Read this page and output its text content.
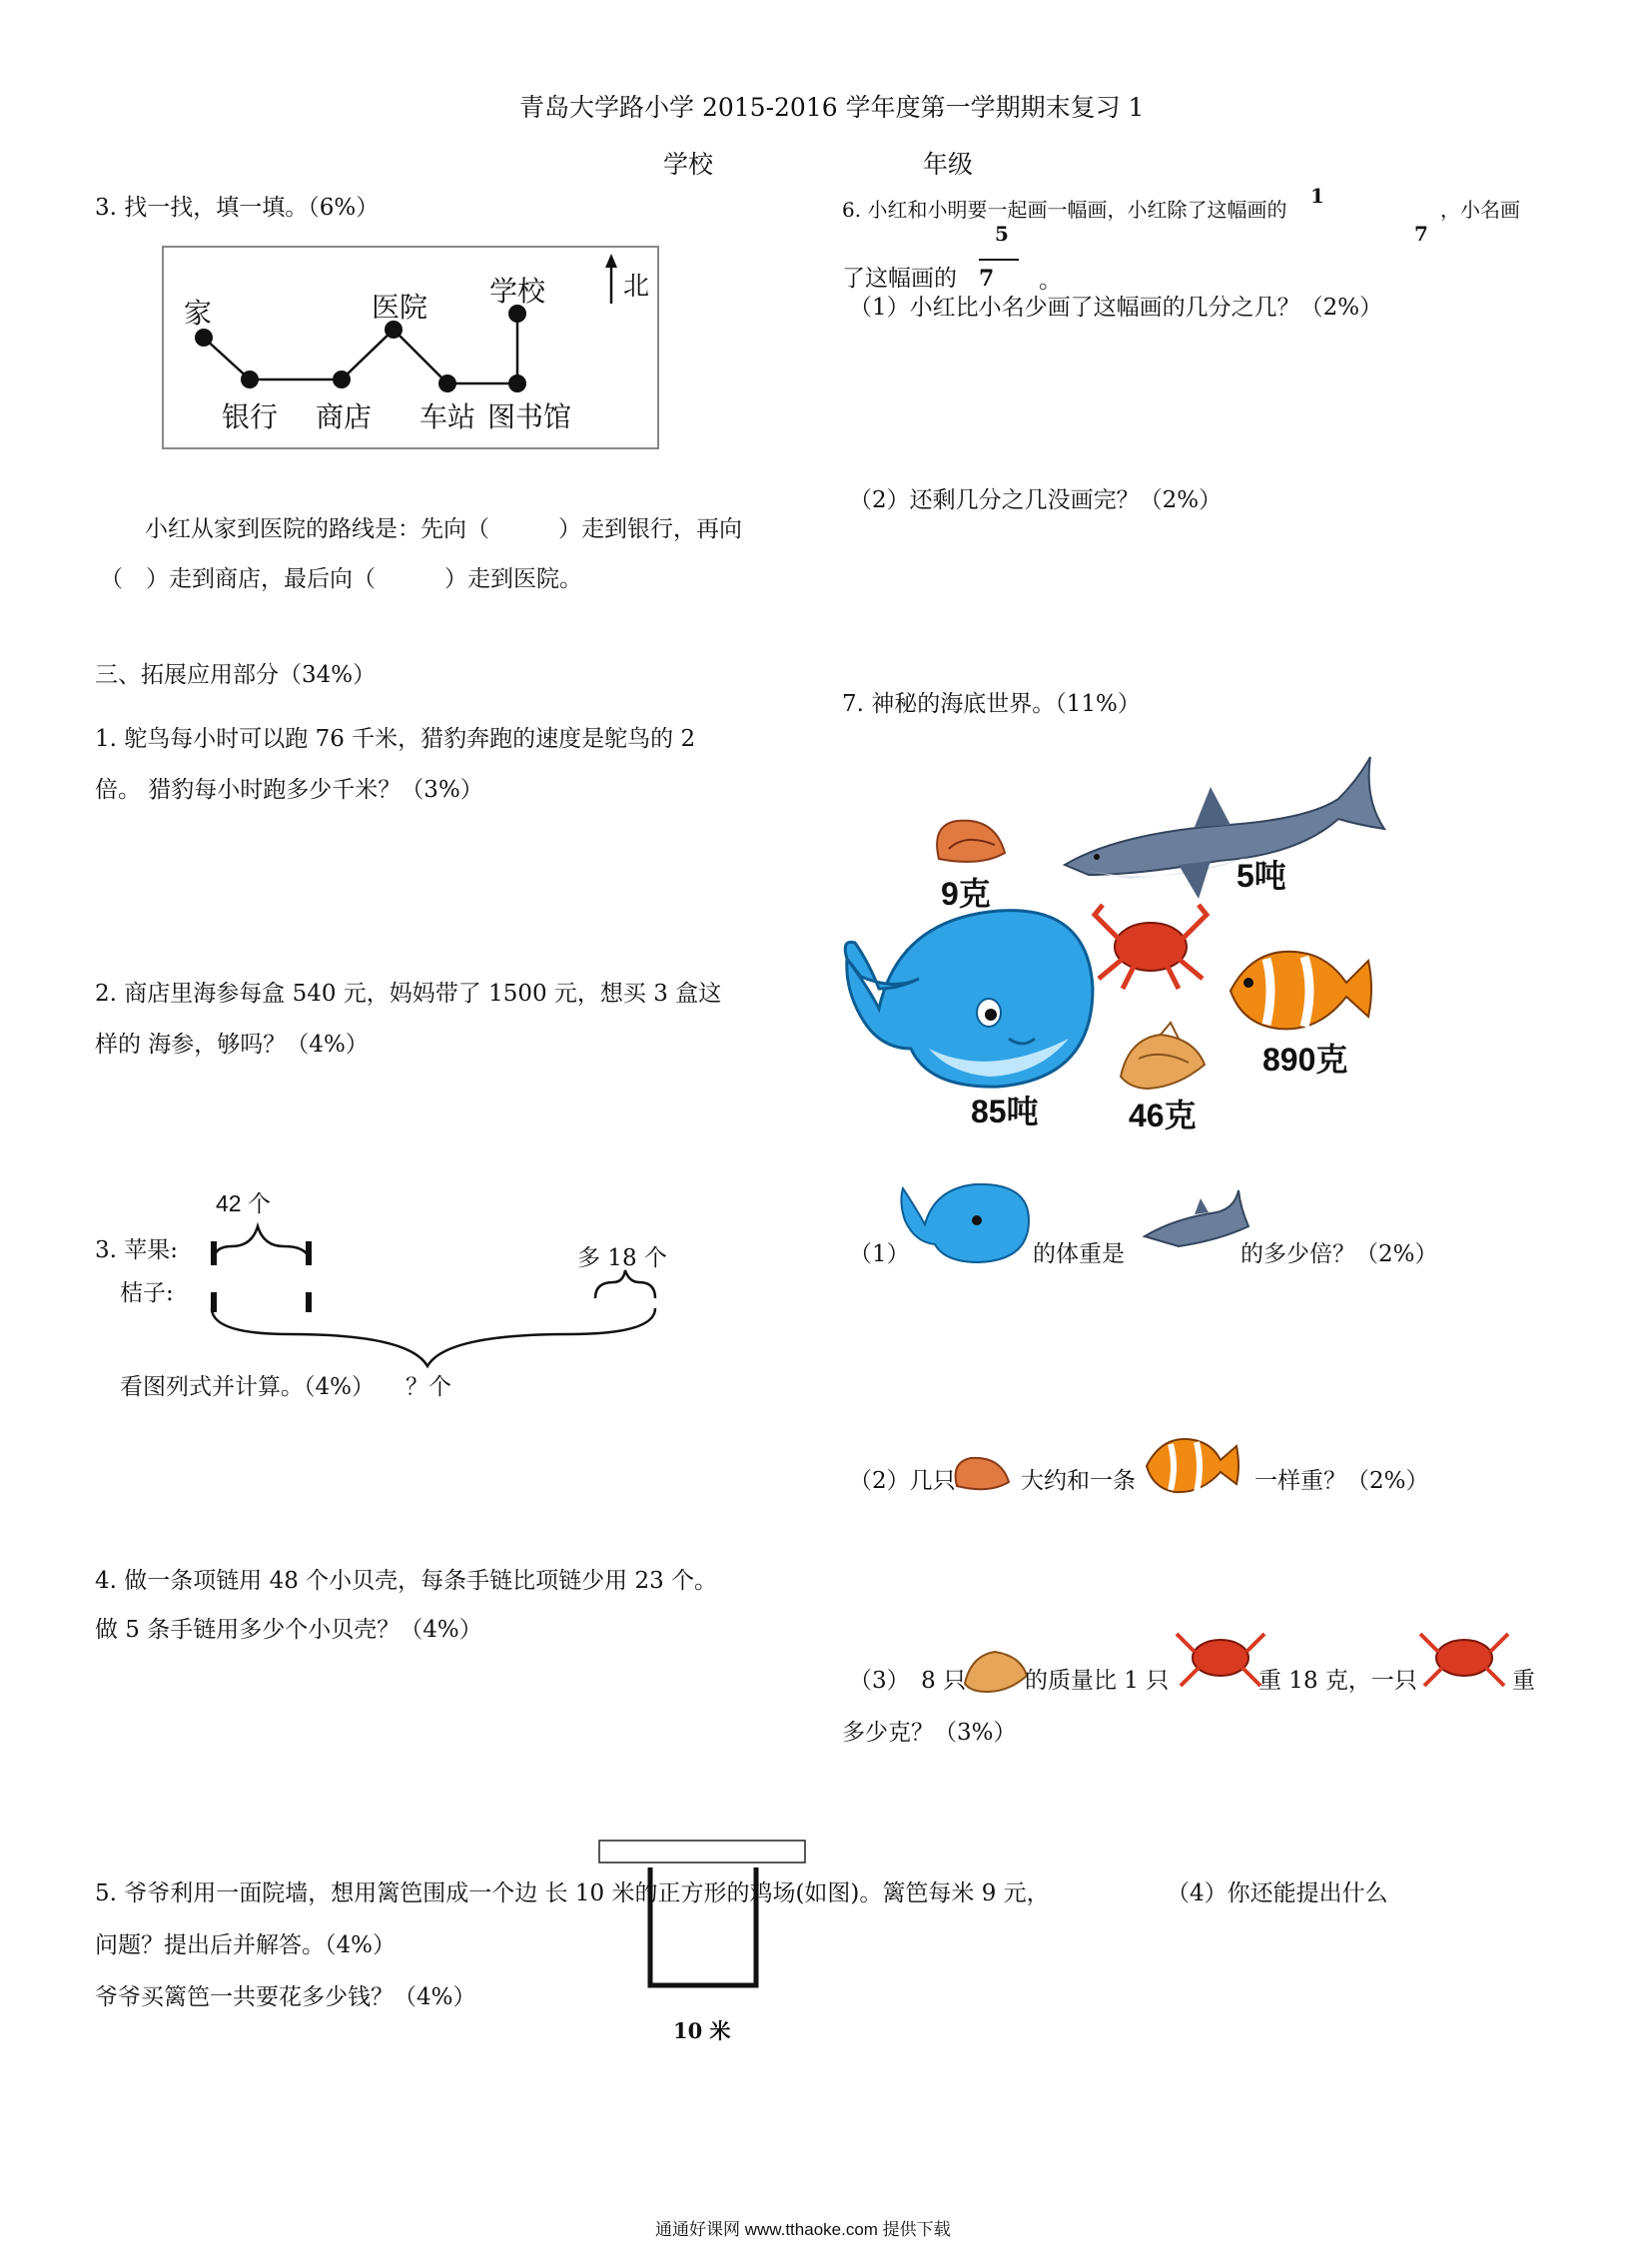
青岛大学路小学 2015-2016 学年度第一学期期末复习 1
学校	年级
3. 找一找，填一填。（6%）
家	医院 学校	北
银行 商店 车站 图书馆
小红从家到医院的路线是：先向（　　　）走到银行，再向
（　）走到商店，最后向（　　　）走到医院。
三、拓展应用部分（34%）
1. 鸵鸟每小时可以跑 76 千米，猎豹奔跑的速度是鸵鸟的 2
倍。 猎豹每小时跑多少千米？（3%）
2. 商店里海参每盒 540 元，妈妈带了 1500 元，想买 3 盒这
样的 海参，够吗？（4%）
42 个
3. 苹果:
桔子:
多 18 个
看图列式并计算。（4%） ？个
4. 做一条项链用 48 个小贝壳，每条手链比项链少用 23 个。
做 5 条手链用多少个小贝壳？（4%）
5. 爷爷利用一面院墙，想用篱笆围成一个边 长 10 米的正方形的鸡场(如图)。篱笆每米 9 元，
爷爷买篱笆一共要花多少钱？（4%）
10 米
6. 小红和小明要一起画一幅画，小红除了这幅画的
1
5	7
，小名画
了这幅画的 7 。
（1）小红比小名少画了这幅画的几分之几？（2%）
（2）还剩几分之几没画完？（2%）
7. 神秘的海底世界。（11%）
9克	5吨
85吨	46克
890克
（1）	的体重是	的多少倍？（2%）
（2）几只	大约和一条	一样重？（2%）
（3）　8 只	的质量比 1 只	重 18 克，一只	重
多少克？（3%）
（4）你还能提出什么
问题？提出后并解答。（4%）
通通好课网 www.tthaoke.com 提供下载
